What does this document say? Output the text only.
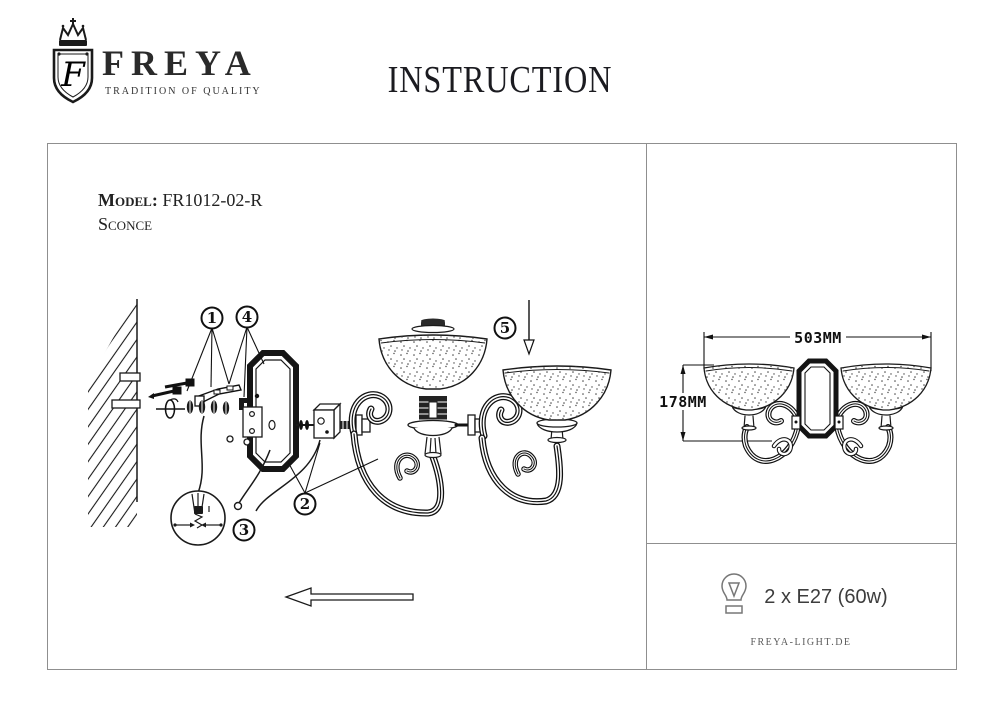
F FREYA
TRADITION OF QUALITY	INSTRUCTION
Model: FR1012-02-R
Sconce
1 4
2
3
5
503MM
178MM
2 x E27 (60w)
FREYA-LIGHT.DE
